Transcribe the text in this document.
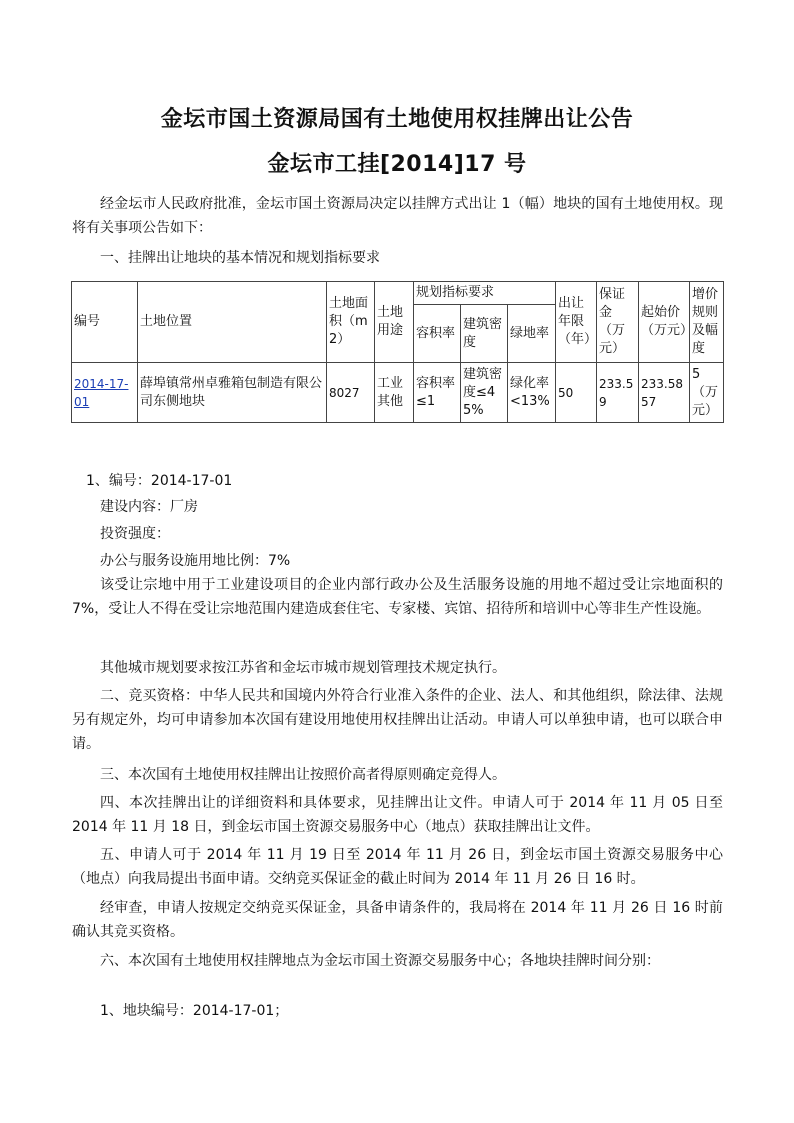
金坛市国土资源局国有土地使用权挂牌出让公告
金坛市工挂[2014]17 号

经金坛市人民政府批准，金坛市国土资源局决定以挂牌方式出让 1（幅）地块的国有土地使用权。现将有关事项公告如下：

一、挂牌出让地块的基本情况和规划指标要求

编号	土地位置	土地面积（m2）	土地用途	规划指标要求			出让年限（年）	保证金（万元）	起始价（万元）	增价规则及幅度
				容积率	建筑密度	绿地率				
2014-17-01	薛埠镇常州卓雅箱包制造有限公司东侧地块	8027	工业其他	容积率≤1	建筑密度≤45%	绿化率<13%	50	233.59	233.5857	5（万元）

1、编号：2014-17-01

建设内容：厂房

投资强度：

办公与服务设施用地比例：7%

该受让宗地中用于工业建设项目的企业内部行政办公及生活服务设施的用地不超过受让宗地面积的 7%，受让人不得在受让宗地范围内建造成套住宅、专家楼、宾馆、招待所和培训中心等非生产性设施。

其他城市规划要求按江苏省和金坛市城市规划管理技术规定执行。

二、竞买资格：中华人民共和国境内外符合行业准入条件的企业、法人、和其他组织，除法律、法规另有规定外，均可申请参加本次国有建设用地使用权挂牌出让活动。申请人可以单独申请，也可以联合申请。

三、本次国有土地使用权挂牌出让按照价高者得原则确定竞得人。

四、本次挂牌出让的详细资料和具体要求，见挂牌出让文件。申请人可于 2014 年 11 月 05 日至 2014 年 11 月 18 日，到金坛市国土资源交易服务中心（地点）获取挂牌出让文件。

五、申请人可于 2014 年 11 月 19 日至 2014 年 11 月 26 日，到金坛市国土资源交易服务中心（地点）向我局提出书面申请。交纳竞买保证金的截止时间为 2014 年 11 月 26 日 16 时。

经审查，申请人按规定交纳竞买保证金，具备申请条件的，我局将在 2014 年 11 月 26 日 16 时前确认其竞买资格。

六、本次国有土地使用权挂牌地点为金坛市国土资源交易服务中心；各地块挂牌时间分别：

1、地块编号：2014-17-01；
